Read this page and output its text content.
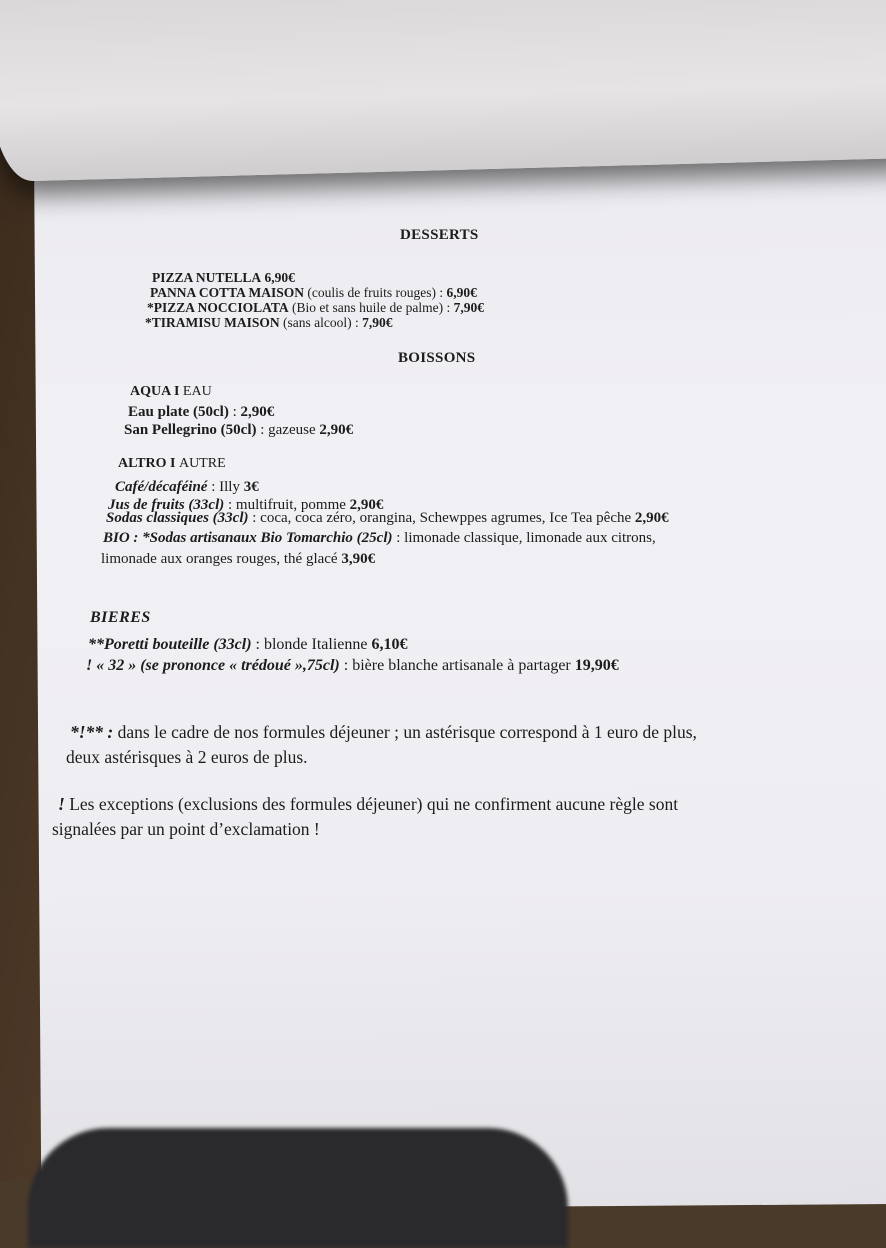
DESSERTS
PIZZA NUTELLA 6,90€
PANNA COTTA MAISON (coulis de fruits rouges) : 6,90€
*PIZZA NOCCIOLATA (Bio et sans huile de palme) : 7,90€
*TIRAMISU MAISON (sans alcool) : 7,90€
BOISSONS
AQUA I EAU
Eau plate (50cl) : 2,90€
San Pellegrino (50cl) : gazeuse 2,90€
ALTRO I AUTRE
Café/décaféiné : Illy 3€
Jus de fruits (33cl) : multifruit, pomme 2,90€
Sodas classiques (33cl) : coca, coca zéro, orangina, Schewppes agrumes, Ice Tea pêche 2,90€
BIO : *Sodas artisanaux Bio Tomarchio (25cl) : limonade classique, limonade aux citrons,
limonade aux oranges rouges, thé glacé 3,90€
BIERES
**Poretti bouteille (33cl) : blonde Italienne 6,10€
! « 32 » (se prononce « trédoué »,75cl) : bière blanche artisanale à partager 19,90€
*!** : dans le cadre de nos formules déjeuner ; un astérisque correspond à 1 euro de plus,
deux astérisques à 2 euros de plus.
! Les exceptions (exclusions des formules déjeuner) qui ne confirment aucune règle sont
signalées par un point d’exclamation !
